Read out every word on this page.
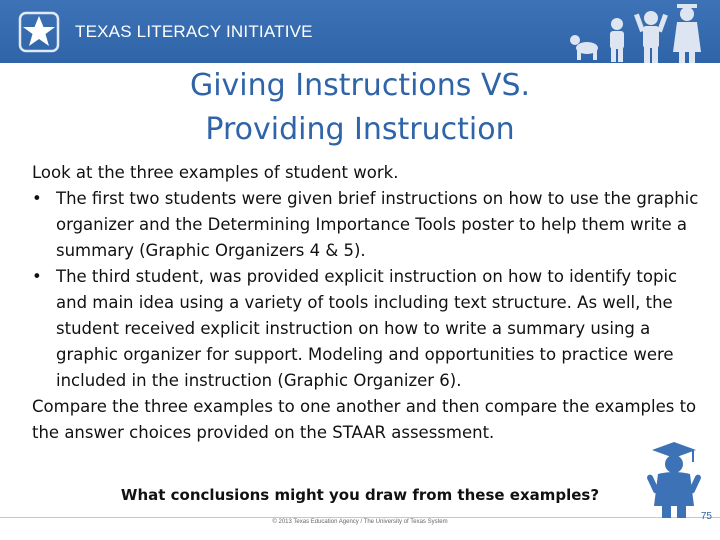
TEXAS LITERACY INITIATIVE
Giving Instructions VS.
Providing Instruction

Look at the three examples of student work.

• The first two students were given brief instructions on how to use the graphic organizer and the Determining Importance Tools poster to help them write a summary (Graphic Organizers 4 & 5).

• The third student, was provided explicit instruction on how to identify topic and main idea using a variety of tools including text structure. As well, the student received explicit instruction on how to write a summary using a graphic organizer for support. Modeling and opportunities to practice were included in the instruction (Graphic Organizer 6).

Compare the three examples to one another and then compare the examples to the answer choices provided on the STAAR assessment.

What conclusions might you draw from these examples?
© 2013 Texas Education Agency / The University of Texas System	75
